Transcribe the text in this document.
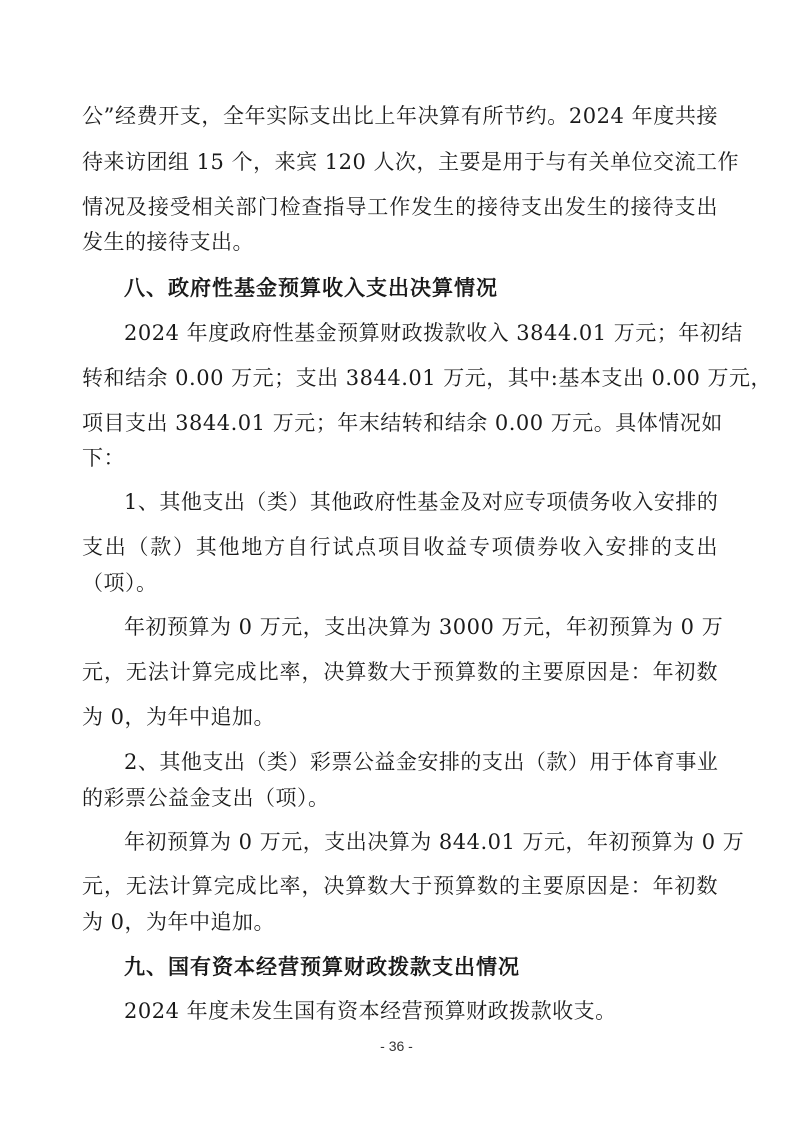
公”经费开支，全年实际支出比上年决算有所节约。2024 年度共接
待来访团组 15 个，来宾 120 人次，主要是用于与有关单位交流工作
情况及接受相关部门检查指导工作发生的接待支出发生的接待支出
发生的接待支出。
八、政府性基金预算收入支出决算情况
2024 年度政府性基金预算财政拨款收入 3844.01 万元；年初结
转和结余 0.00 万元；支出 3844.01 万元，其中:基本支出 0.00 万元，
项目支出 3844.01 万元；年末结转和结余 0.00 万元。具体情况如
下：
1、其他支出（类）其他政府性基金及对应专项债务收入安排的
支出（款）其他地方自行试点项目收益专项债券收入安排的支出
（项）。
年初预算为 0 万元，支出决算为 3000 万元，年初预算为 0 万
元，无法计算完成比率，决算数大于预算数的主要原因是：年初数
为 0，为年中追加。
2、其他支出（类）彩票公益金安排的支出（款）用于体育事业
的彩票公益金支出（项）。
年初预算为 0 万元，支出决算为 844.01 万元，年初预算为 0 万
元，无法计算完成比率，决算数大于预算数的主要原因是：年初数
为 0，为年中追加。
九、国有资本经营预算财政拨款支出情况
2024 年度未发生国有资本经营预算财政拨款收支。
- 36 -
